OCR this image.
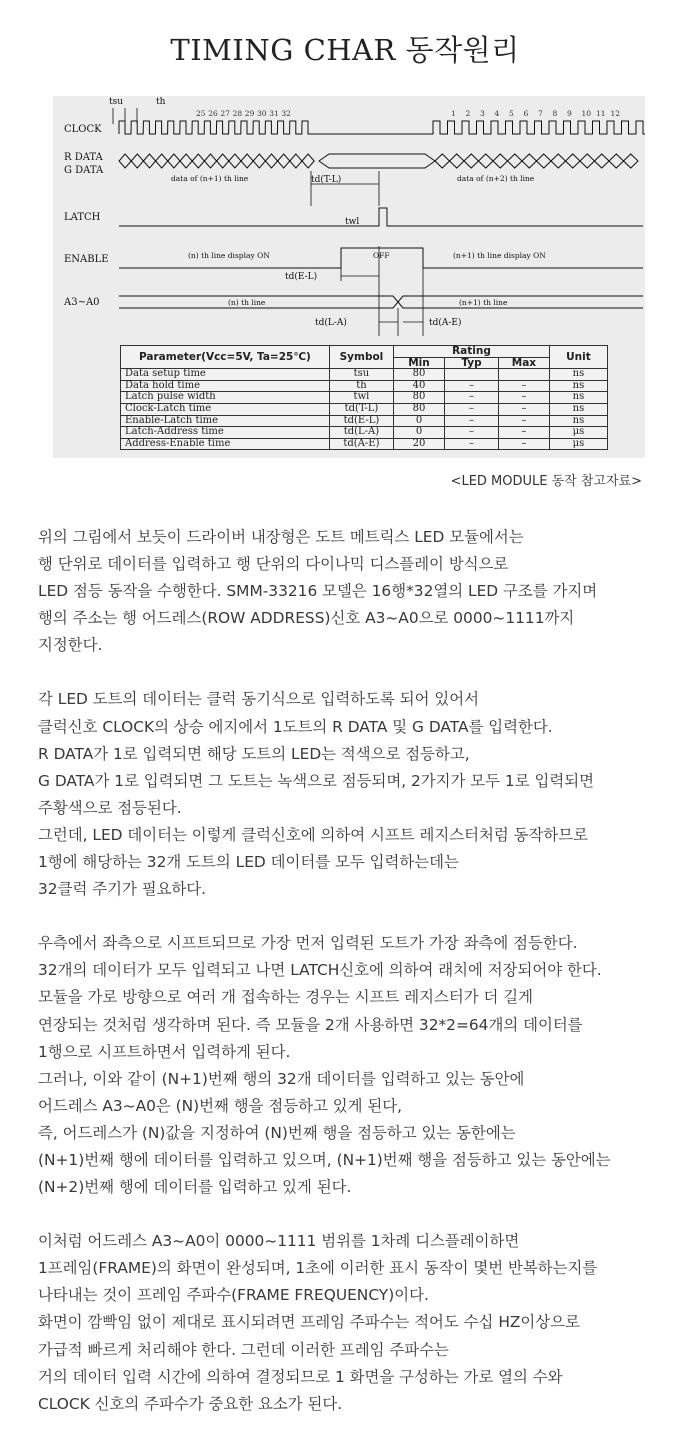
TIMING CHAR 동작원리
tsu	th
CLOCK
R DATA
G DATA
LATCH
ENABLE
A3~A0
data of (n+1) th line	data of (n+2) th line
td(T-L)
twl
(n) th line display ON	OFF	(n+1) th line display ON
td(E-L)
(n) th line	(n+1) th line
td(L-A)	td(A-E)
25 26 27 28 29 30 31 32	1 2 3 4 5 6 7 8 9 10 11 12
Parameter(Vcc=5V, Ta=25℃)	Symbol	Rating			Unit
		Min	Typ	Max	
Data setup time	tsu	80			ns
Data hold time	th	40	–	–	ns
Latch pulse width	twl	80	–	–	ns
Clock-Latch time	td(T-L)	80	–	–	ns
Enable-Latch time	td(E-L)	0	–	–	ns
Latch-Address time	td(L-A)	0	–	–	μs
Address-Enable time	td(A-E)	20	–	–	μs
<LED MODULE 동작 참고자료>
위의 그림에서 보듯이 드라이버 내장형은 도트 메트릭스 LED 모듈에서는
행 단위로 데이터를 입력하고 행 단위의 다이나믹 디스플레이 방식으로
LED 점등 동작을 수행한다. SMM-33216 모델은 16행*32열의 LED 구조를 가지며
행의 주소는 행 어드레스(ROW ADDRESS)신호 A3~A0으로 0000~1111까지
지정한다.
각 LED 도트의 데이터는 클럭 동기식으로 입력하도록 되어 있어서
클럭신호 CLOCK의 상승 에지에서 1도트의 R DATA 및 G DATA를 입력한다.
R DATA가 1로 입력되면 해당 도트의 LED는 적색으로 점등하고,
G DATA가 1로 입력되면 그 도트는 녹색으로 점등되며, 2가지가 모두 1로 입력되면
주황색으로 점등된다.
그런데, LED 데이터는 이렇게 클럭신호에 의하여 시프트 레지스터처럼 동작하므로
1행에 해당하는 32개 도트의 LED 데이터를 모두 입력하는데는
32클럭 주기가 필요하다.
우측에서 좌측으로 시프트되므로 가장 먼저 입력된 도트가 가장 좌측에 점등한다.
32개의 데이터가 모두 입력되고 나면 LATCH신호에 의하여 래치에 저장되어야 한다.
모듈을 가로 방향으로 여러 개 접속하는 경우는 시프트 레지스터가 더 길게
연장되는 것처럼 생각하며 된다. 즉 모듈을 2개 사용하면 32*2=64개의 데이터를
1행으로 시프트하면서 입력하게 된다.
그러나, 이와 같이 (N+1)번째 행의 32개 데이터를 입력하고 있는 동안에
어드레스 A3~A0은 (N)번째 행을 점등하고 있게 된다,
즉, 어드레스가 (N)값을 지정하여 (N)번째 행을 점등하고 있는 동한에는
(N+1)번째 행에 데이터를 입력하고 있으며, (N+1)번째 행을 점등하고 있는 동안에는
(N+2)번째 행에 데이터를 입력하고 있게 된다.
이처럼 어드레스 A3~A0이 0000~1111 범위를 1차례 디스플레이하면
1프레임(FRAME)의 화면이 완성되며, 1초에 이러한 표시 동작이 몇번 반복하는지를
나타내는 것이 프레임 주파수(FRAME FREQUENCY)이다.
화면이 깜빡임 없이 제대로 표시되려면 프레임 주파수는 적어도 수십 HZ이상으로
가급적 빠르게 처리해야 한다. 그런데 이러한 프레임 주파수는
거의 데이터 입력 시간에 의하여 결정되므로 1 화면을 구성하는 가로 열의 수와
CLOCK 신호의 주파수가 중요한 요소가 된다.
